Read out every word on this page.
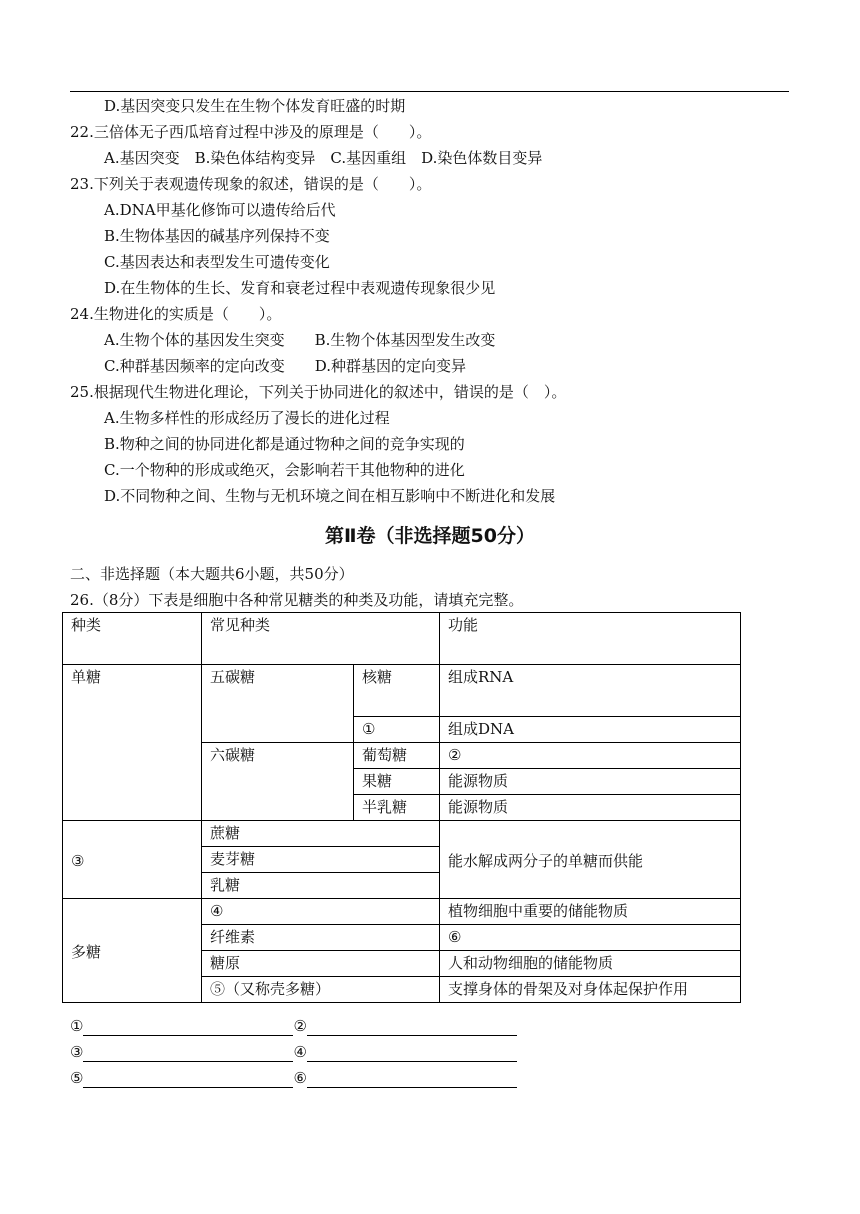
D.基因突变只发生在生物个体发育旺盛的时期
22.三倍体无子西瓜培育过程中涉及的原理是（　　）。
A.基因突变　B.染色体结构变异　C.基因重组　D.染色体数目变异
23.下列关于表观遗传现象的叙述，错误的是（　　）。
A.DNA甲基化修饰可以遗传给后代
B.生物体基因的碱基序列保持不变
C.基因表达和表型发生可遗传变化
D.在生物体的生长、发育和衰老过程中表观遗传现象很少见
24.生物进化的实质是（　　）。
A.生物个体的基因发生突变　　B.生物个体基因型发生改变
C.种群基因频率的定向改变　　D.种群基因的定向变异
25.根据现代生物进化理论，下列关于协同进化的叙述中，错误的是（　）。
A.生物多样性的形成经历了漫长的进化过程
B.物种之间的协同进化都是通过物种之间的竞争实现的
C.一个物种的形成或绝灭，会影响若干其他物种的进化
D.不同物种之间、生物与无机环境之间在相互影响中不断进化和发展
第Ⅱ卷（非选择题50分）
二、非选择题（本大题共6小题，共50分）
26.（8分）下表是细胞中各种常见糖类的种类及功能，请填充完整。
种类	常见种类		功能
单糖	五碳糖	核糖	组成RNA
		①	组成DNA
	六碳糖	葡萄糖	②
		果糖	能源物质
		半乳糖	能源物质
③	蔗糖		能水解成两分子的单糖而供能
	麦芽糖		
	乳糖		
多糖	④		植物细胞中重要的储能物质
	纤维素		⑥
	糖原		人和动物细胞的储能物质
	⑤（又称壳多糖）		支撑身体的骨架及对身体起保护作用
①	②
③	④
⑤	⑥
